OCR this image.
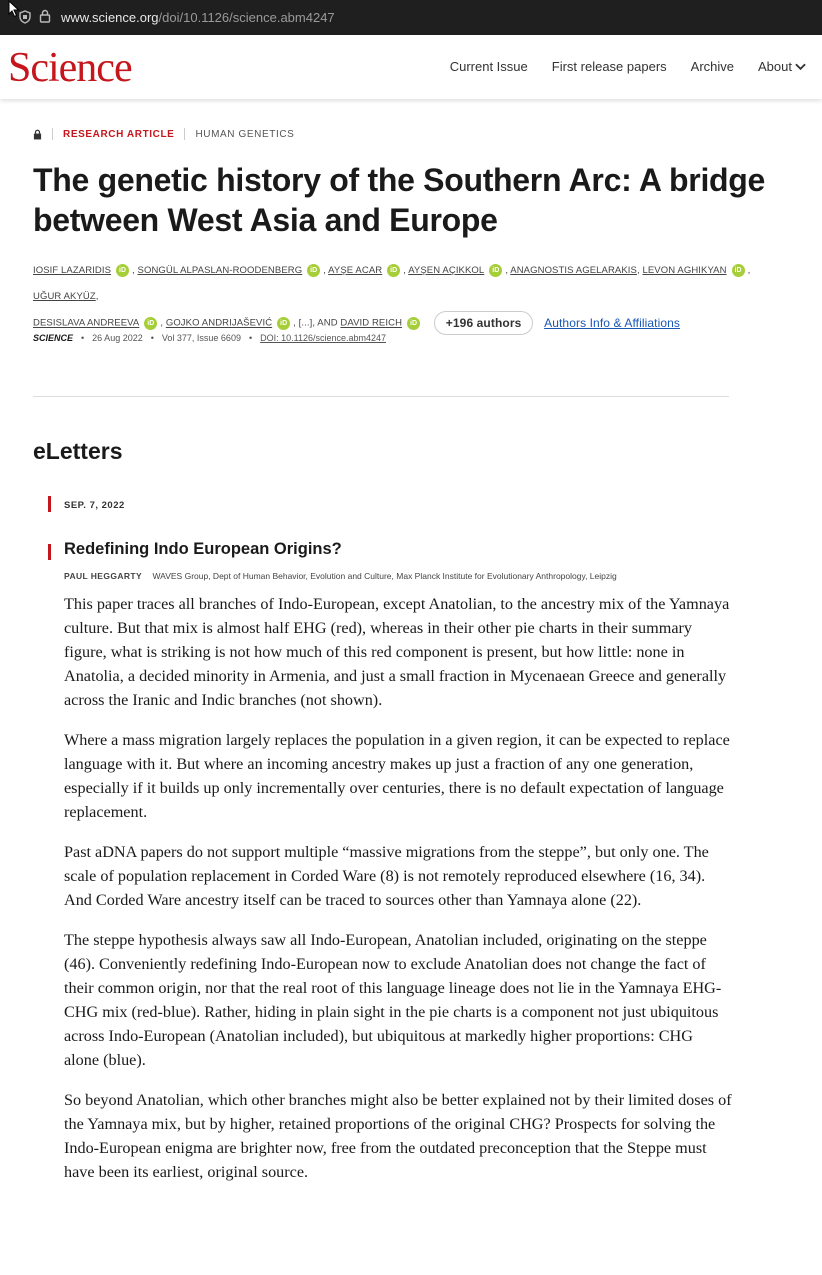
www.science.org/doi/10.1126/science.abm4247
Science	Current Issue First release papers Archive About
RESEARCH ARTICLE HUMAN GENETICS
The genetic history of the Southern Arc: A bridge between West Asia and Europe
IOSIF LAZARIDIS iD , SONGÜL ALPASLAN-ROODENBERG iD , AYŞE ACAR iD , AYŞEN AÇIKKOL iD , ANAGNOSTIS AGELARAKIS, LEVON AGHIKYAN iD , UĞUR AKYÜZ,
DESISLAVA ANDREEVA iD , GOJKO ANDRIJAŠEVIĆ iD , [...], AND DAVID REICH iD +196 authors Authors Info & Affiliations
SCIENCE • 26 Aug 2022 • Vol 377, Issue 6609 • DOI: 10.1126/science.abm4247
eLetters
SEP. 7, 2022
Redefining Indo European Origins?
PAUL HEGGARTY WAVES Group, Dept of Human Behavior, Evolution and Culture, Max Planck Institute for Evolutionary Anthropology, Leipzig

This paper traces all branches of Indo-European, except Anatolian, to the ancestry mix of the Yamnaya culture. But that mix is almost half EHG (red), whereas in their other pie charts in their summary figure, what is striking is not how much of this red component is present, but how little: none in Anatolia, a decided minority in Armenia, and just a small fraction in Mycenaean Greece and generally across the Iranic and Indic branches (not shown).

Where a mass migration largely replaces the population in a given region, it can be expected to replace language with it. But where an incoming ancestry makes up just a fraction of any one generation, especially if it builds up only incrementally over centuries, there is no default expectation of language replacement.

Past aDNA papers do not support multiple “massive migrations from the steppe”, but only one. The scale of population replacement in Corded Ware (8) is not remotely reproduced elsewhere (16, 34). And Corded Ware ancestry itself can be traced to sources other than Yamnaya alone (22).

The steppe hypothesis always saw all Indo-European, Anatolian included, originating on the steppe (46). Conveniently redefining Indo-European now to exclude Anatolian does not change the fact of their common origin, nor that the real root of this language lineage does not lie in the Yamnaya EHG-CHG mix (red-blue). Rather, hiding in plain sight in the pie charts is a component not just ubiquitous across Indo-European (Anatolian included), but ubiquitous at markedly higher proportions: CHG alone (blue).

So beyond Anatolian, which other branches might also be better explained not by their limited doses of the Yamnaya mix, but by higher, retained proportions of the original CHG? Prospects for solving the Indo-European enigma are brighter now, free from the outdated preconception that the Steppe must have been its earliest, original source.
